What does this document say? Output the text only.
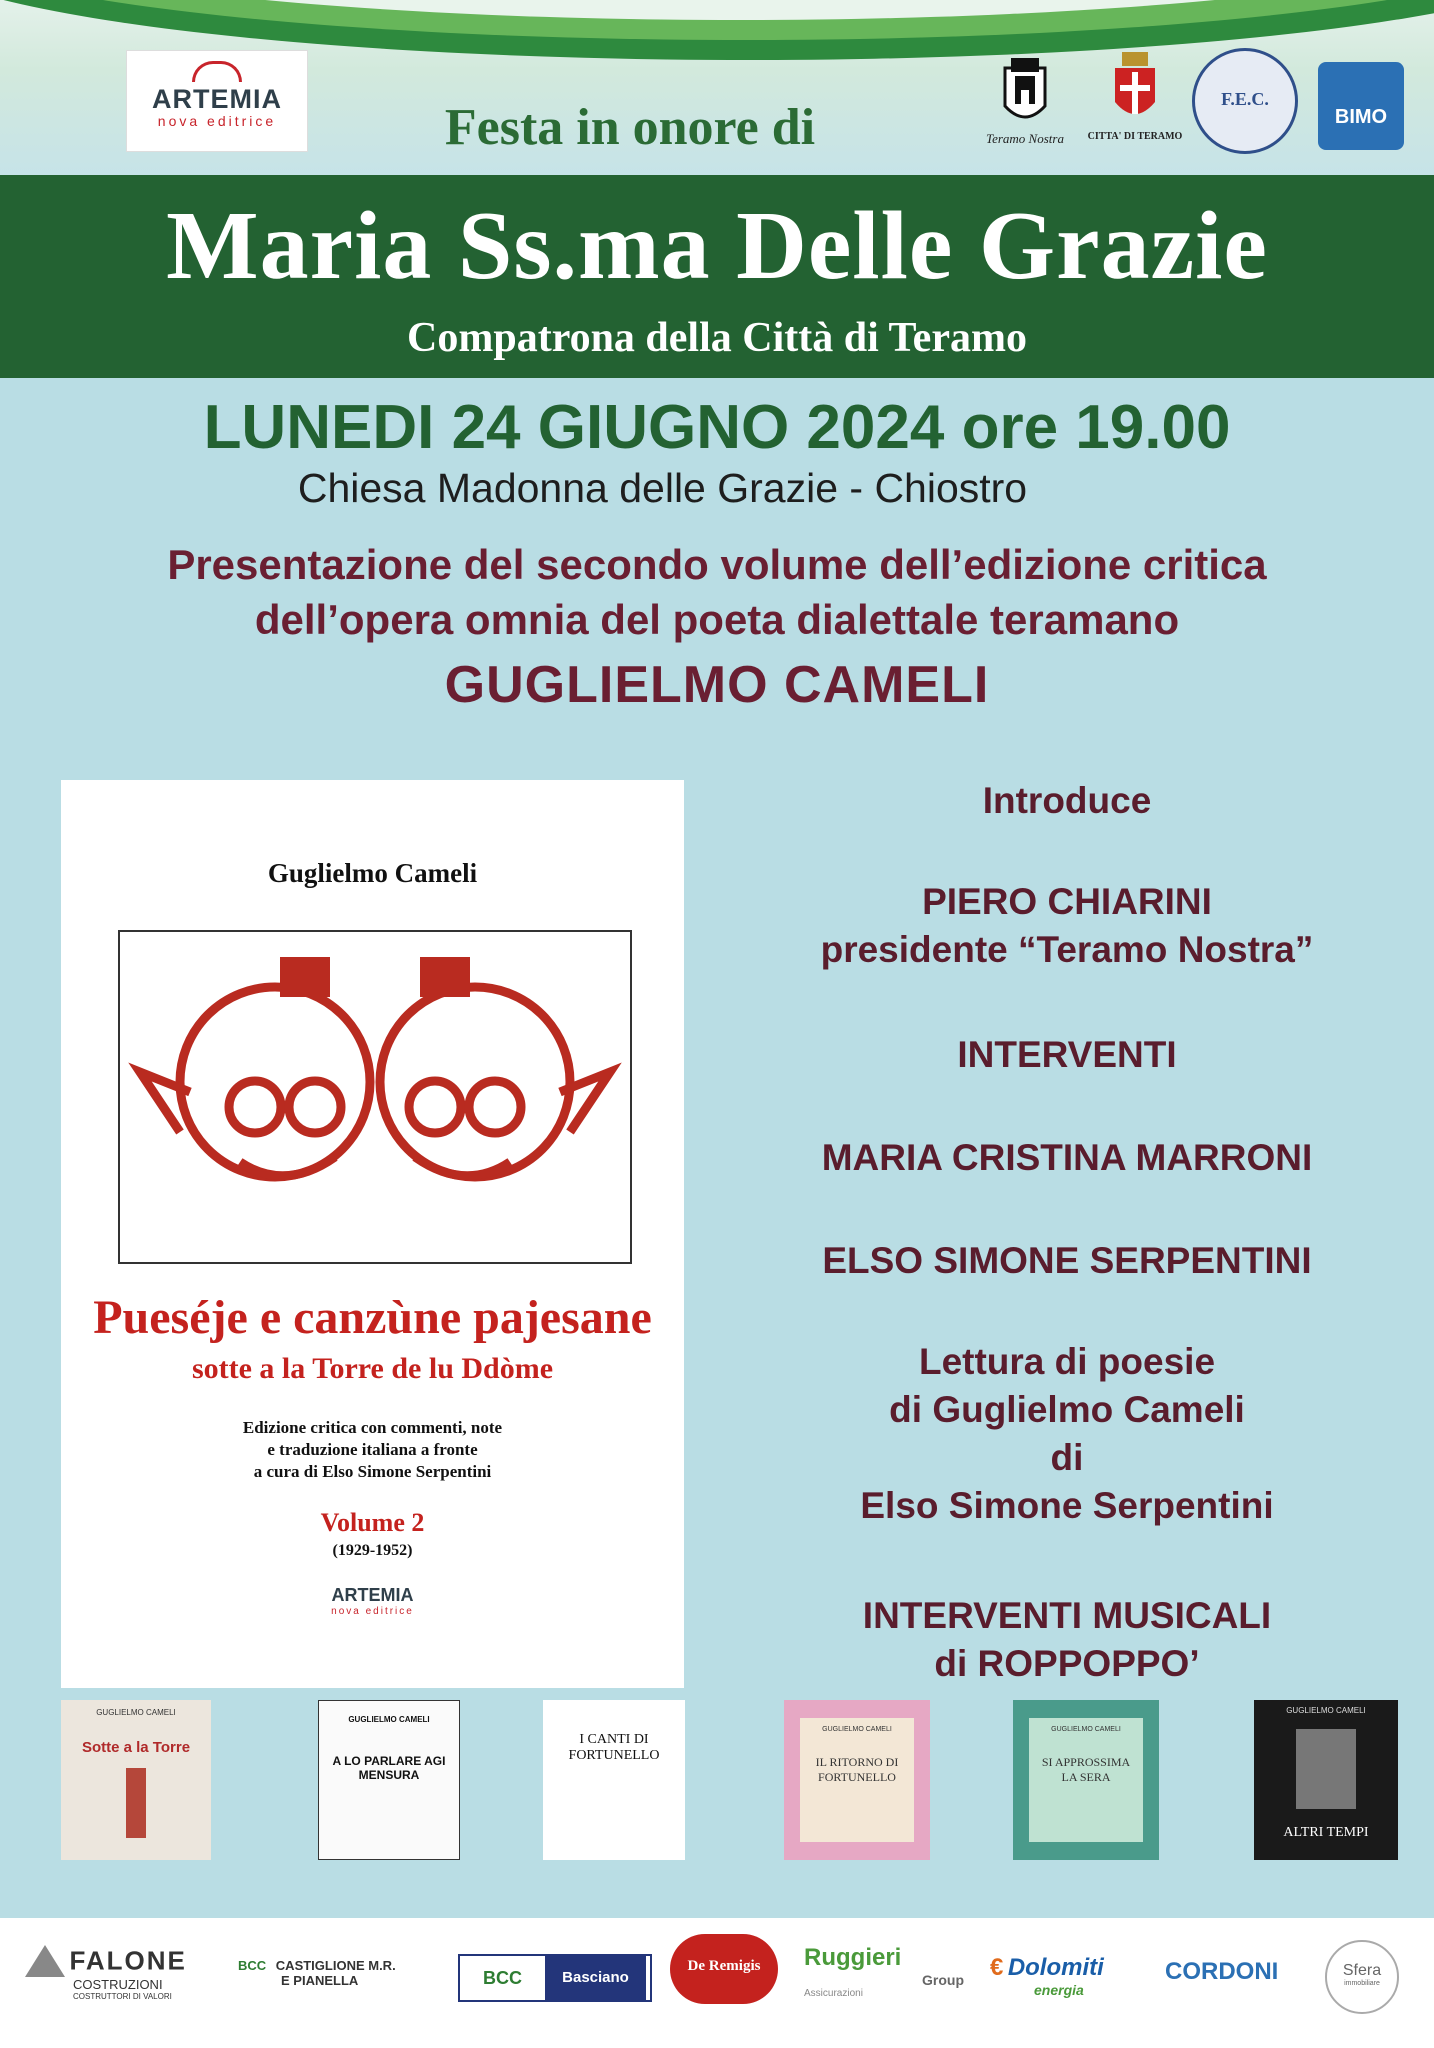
ARTEMIA
nova editrice	Festa in onore di	Teramo Nostra	CITTA' DI TERAMO
F.E.C.
BIMO
Maria Ss.ma Delle Grazie
Compatrona della Città di Teramo
LUNEDI 24 GIUGNO 2024 ore 19.00
Chiesa Madonna delle Grazie - Chiostro
Presentazione del secondo volume dell’edizione critica
dell’opera omnia del poeta dialettale teramano
GUGLIELMO CAMELI
Guglielmo Cameli
Pueséje e canzùne pajesane
sotte a la Torre de lu Ddòme
Edizione critica con commenti, note
e traduzione italiana a fronte
a cura di Elso Simone Serpentini
Volume 2
(1929-1952)
ARTEMIA
nova editrice
Introduce
PIERO CHIARINI
presidente “Teramo Nostra”
INTERVENTI
MARIA CRISTINA MARRONI
ELSO SIMONE SERPENTINI
Lettura di poesie
di Guglielmo Cameli
di
Elso Simone Serpentini
INTERVENTI MUSICALI
di ROPPOPPO’
GUGLIELMO CAMELI
Sotte a la Torre
GUGLIELMO CAMELI
A LO PARLARE AGI MENSURA
I CANTI DI FORTUNELLO
GUGLIELMO CAMELI
IL RITORNO DI FORTUNELLO
GUGLIELMO CAMELI
SI APPROSSIMA LA SERA
GUGLIELMO CAMELI
ALTRI TEMPI
FALONE
COSTRUZIONI
COSTRUTTORI DI VALORI
BCC CASTIGLIONE M.R.
E PIANELLA	BCC	Basciano
De Remigis	Ruggieri
Group
Assicurazioni
€ Dolomiti
energia
CORDONI	Sfera
immobiliare
